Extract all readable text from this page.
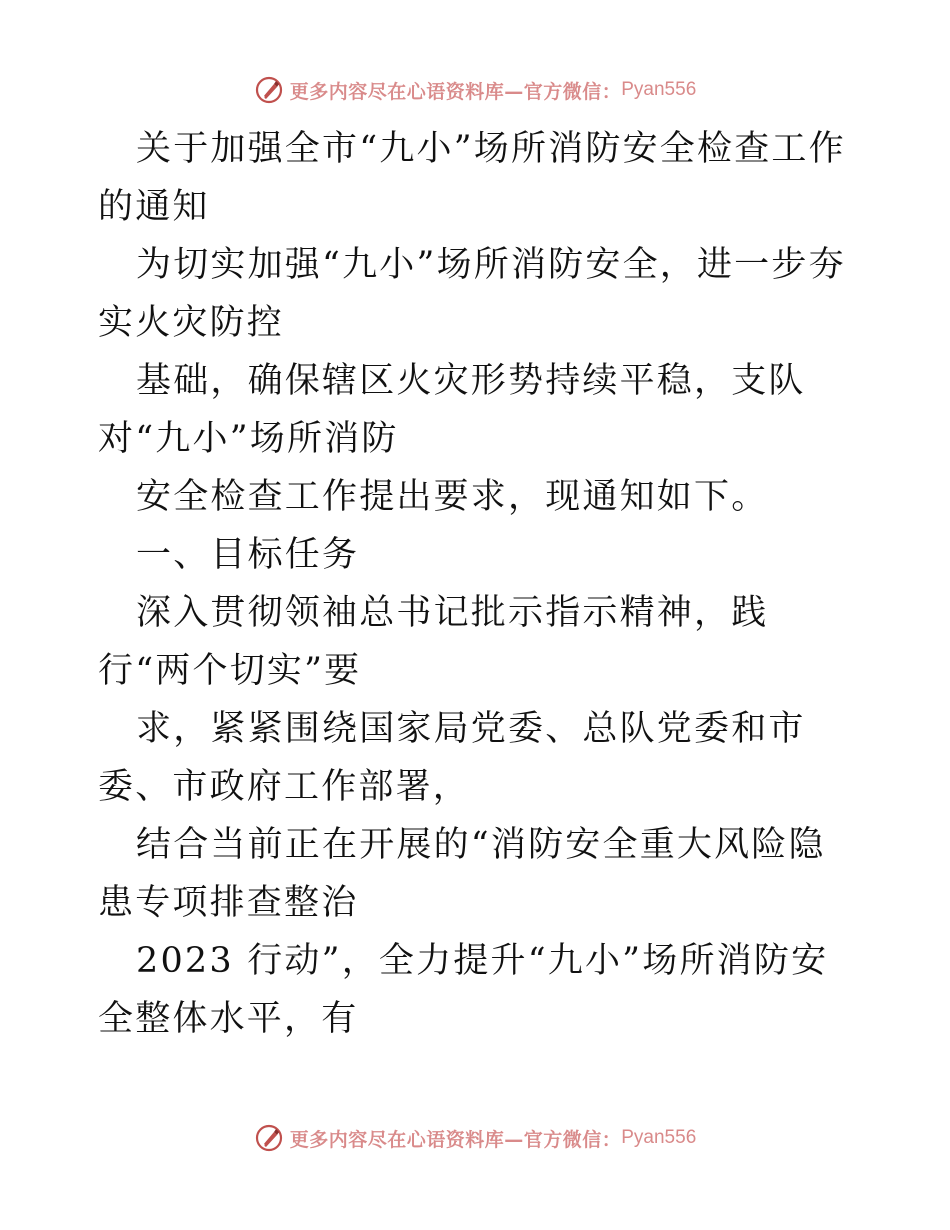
更多内容尽在心语资料库—官方微信： Pyan556

关于加强全市“九小”场所消防安全检查工作的通知

为切实加强“九小”场所消防安全，进一步夯实火灾防控

基础，确保辖区火灾形势持续平稳，支队对“九小”场所消防

安全检查工作提出要求，现通知如下。

一、目标任务

深入贯彻领袖总书记批示指示精神，践行“两个切实”要

求，紧紧围绕国家局党委、总队党委和市委、市政府工作部署，

结合当前正在开展的“消防安全重大风险隐患专项排查整治

2023 行动”，全力提升“九小”场所消防安全整体水平，有

更多内容尽在心语资料库—官方微信： Pyan556
